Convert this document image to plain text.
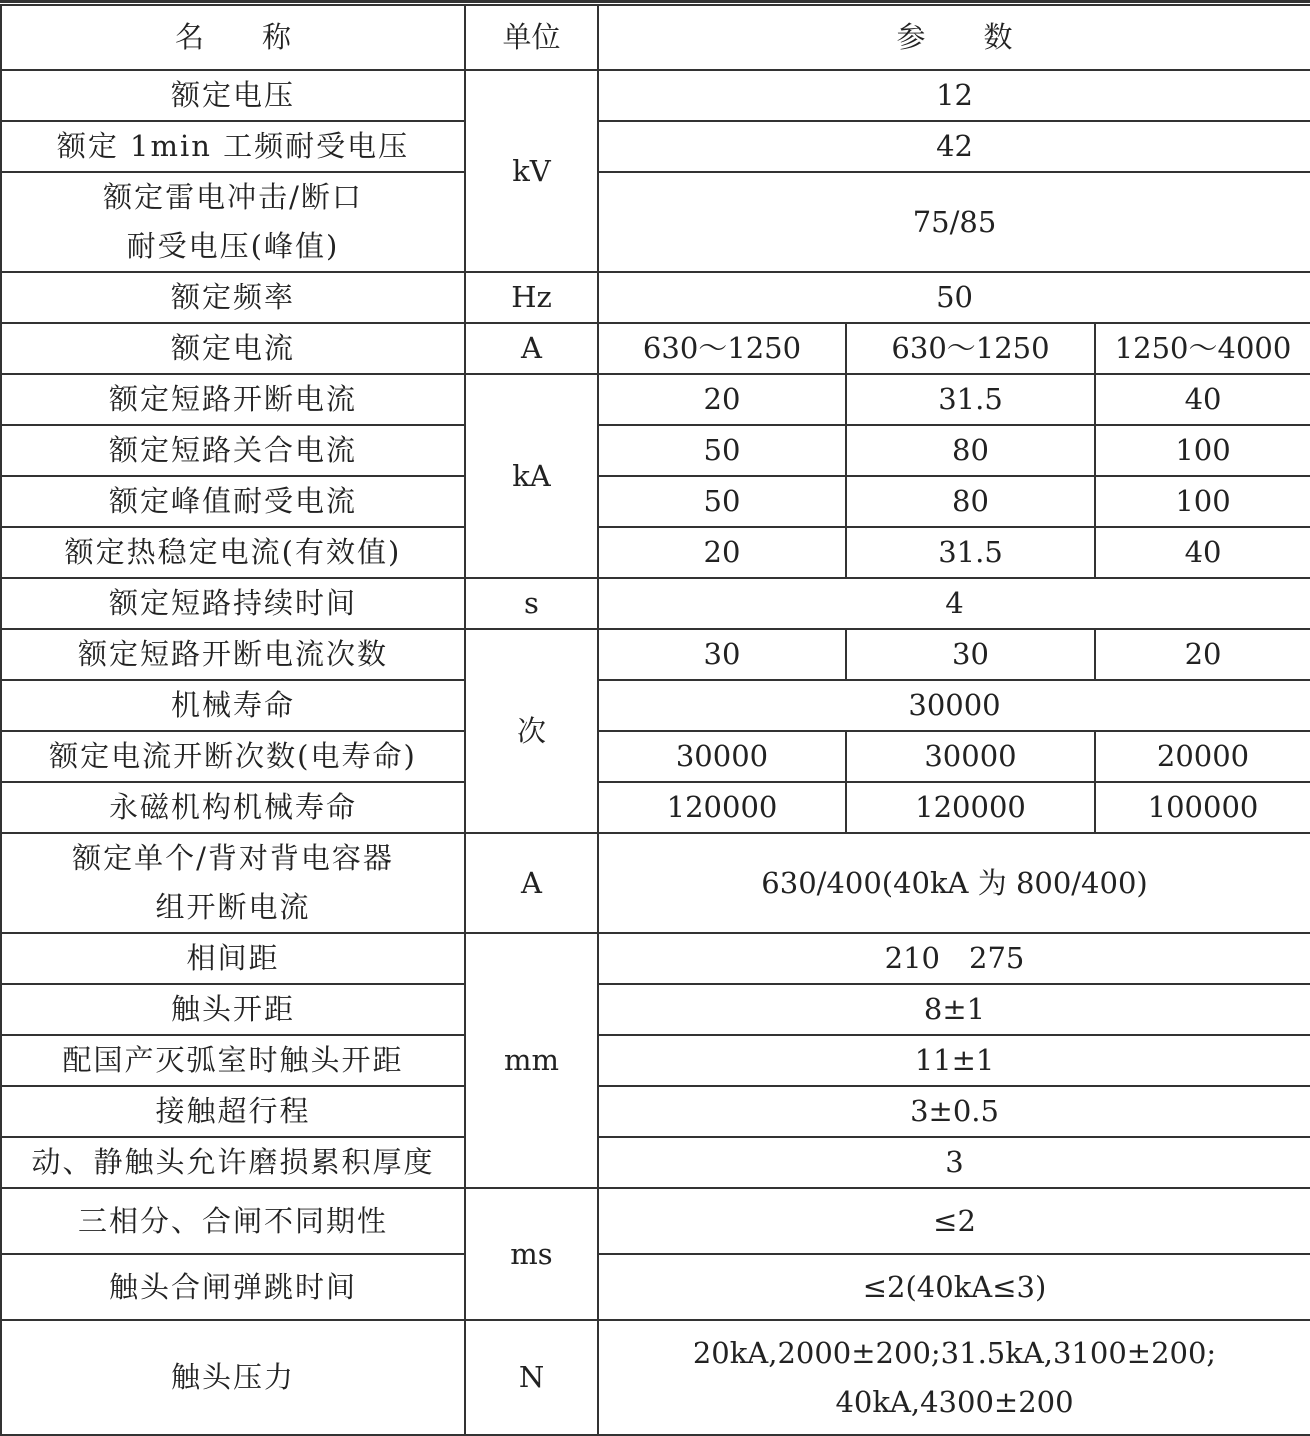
名　　称	单位	参　　数		
额定电压	kV	12		
额定 1min 工频耐受电压		42		

额定雷电冲击/断口
耐受电压(峰值)		75/85		
额定频率	Hz	50		
额定电流	A	630～1250	630～1250	1250～4000
额定短路开断电流	kA	20	31.5	40
额定短路关合电流		50	80	100
额定峰值耐受电流		50	80	100
额定热稳定电流(有效值)		20	31.5	40
额定短路持续时间	s	4		
额定短路开断电流次数	次	30	30	20
机械寿命		30000		
额定电流开断次数(电寿命)		30000	30000	20000
永磁机构机械寿命		120000	120000	100000

额定单个/背对背电容器
组开断电流	A	630/400(40kA 为 800/400)		
相间距	mm	210　275		
触头开距		8±1		
配国产灭弧室时触头开距		11±1		
接触超行程		3±0.5		
动、静触头允许磨损累积厚度		3		
三相分、合闸不同期性	ms	≤2		
触头合闸弹跳时间		≤2(40kA≤3)		
触头压力	N	20kA,2000±200;31.5kA,3100±200;
40kA,4300±200		
